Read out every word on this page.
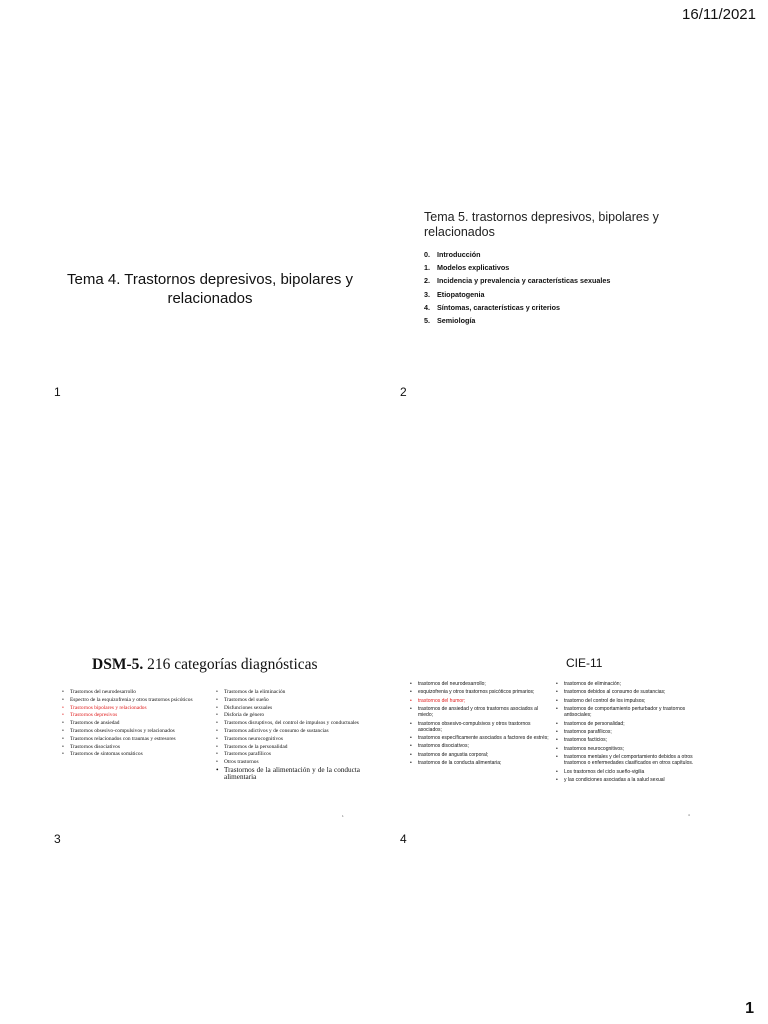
16/11/2021
Tema 4. Trastornos depresivos, bipolares y relacionados
1
Tema 5. trastornos depresivos, bipolares y relacionados
0. Introducción
1. Modelos explicativos
2. Incidencia y prevalencia y características sexuales
3. Etiopatogenia
4. Síntomas, características y criterios
5. Semiología
2
DSM-5. 216 categorías diagnósticas
• Trastornos del neurodesarrollo
• Espectro de la esquizofrenia y otros trastornos psicóticos
• Trastornos bipolares y relacionados
• Trastornos depresivos
• Trastornos de ansiedad
• Trastornos obsesivo-compulsivos y relacionados
• Trastornos relacionados con traumas y estresores
• Trastornos disociativos
• Trastornos de síntomas somáticos
• Trastornos de la eliminación
• Trastornos del sueño
• Disfunciones sexuales
• Disforia de género
• Trastornos disruptivos, del control de impulsos y conductuales
• Trastornos adictivos y de consumo de sustancias
• Trastornos neurocognitivos
• Trastornos de la personalidad
• Trastornos parafílicos
• Otros trastornos
• Trastornos de la alimentación y de la conducta alimentaria
1
3
CIE-11
• trastornos del neurodesarrollo;
• esquizofrenia y otros trastornos psicóticos primarios;
• trastornos del humor;
• trastornos de ansiedad y otros trastornos asociados al miedo;
• trastornos obsesivo-compulsivos y otros trastornos asociados;
• trastornos específicamente asociados a factores de estrés;
• trastornos disociativos;
• trastornos de angustia corporal;
• trastornos de la conducta alimentaria;
• trastornos de eliminación;
• trastornos debidos al consumo de sustancias;
• trastorno del control de los impulsos;
• trastornos de comportamiento perturbador y trastornos antisociales;
• trastornos de personalidad;
• trastornos parafílicos;
• trastornos facticios;
• trastornos neurocognitivos;
• trastornos mentales y del comportamiento debidos a otros trastornos o enfermedades clasificados en otros capítulos.
• Los trastornos del ciclo sueño-vigilia
• y las condiciones asociadas a la salud sexual
4
4
1
